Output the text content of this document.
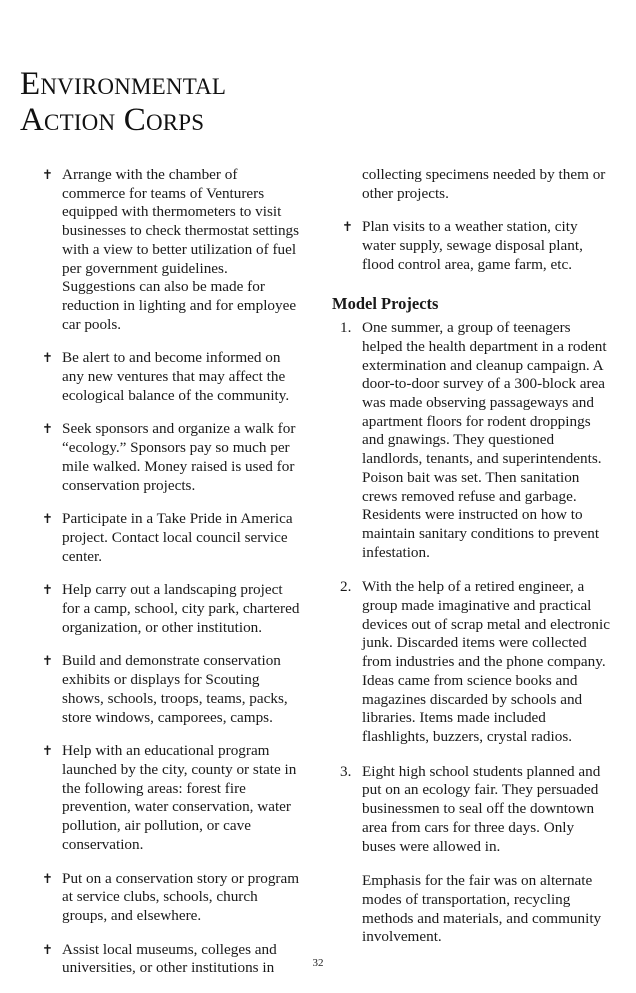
Environmental
Action Corps
✝ Arrange with the chamber of commerce for teams of Venturers equipped with thermometers to visit businesses to check thermostat settings with a view to better utilization of fuel per government guidelines. Suggestions can also be made for reduction in lighting and for employee car pools.
✝ Be alert to and become informed on any new ventures that may affect the ecological balance of the community.
✝ Seek sponsors and organize a walk for “ecology.” Sponsors pay so much per mile walked. Money raised is used for conservation projects.
✝ Participate in a Take Pride in America project. Contact local council service center.
✝ Help carry out a landscaping project for a camp, school, city park, chartered organization, or other institution.
✝ Build and demonstrate conservation exhibits or displays for Scouting shows, schools, troops, teams, packs, store windows, camporees, camps.
✝ Help with an educational program launched by the city, county or state in the following areas: forest fire prevention, water conservation, water pollution, air pollution, or cave conservation.
✝ Put on a conservation story or program at service clubs, schools, church groups, and elsewhere.
✝ Assist local museums, colleges and universities, or other institutions in
collecting specimens needed by them or other projects.
✝ Plan visits to a weather station, city water supply, sewage disposal plant, flood control area, game farm, etc.
Model Projects
1. One summer, a group of teenagers helped the health department in a rodent extermination and cleanup campaign. A door-to-door survey of a 300-block area was made observing passageways and apartment floors for rodent droppings and gnawings. They questioned landlords, tenants, and superintendents. Poison bait was set. Then sanitation crews removed refuse and garbage. Residents were instructed on how to maintain sanitary conditions to prevent infestation.
2. With the help of a retired engineer, a group made imaginative and practical devices out of scrap metal and electronic junk. Discarded items were collected from industries and the phone company. Ideas came from science books and magazines discarded by schools and libraries. Items made included flashlights, buzzers, crystal radios.
3. Eight high school students planned and put on an ecology fair. They persuaded businessmen to seal off the downtown area from cars for three days. Only buses were allowed in.

Emphasis for the fair was on alternate modes of transportation, recycling methods and materials, and community involvement.

32
